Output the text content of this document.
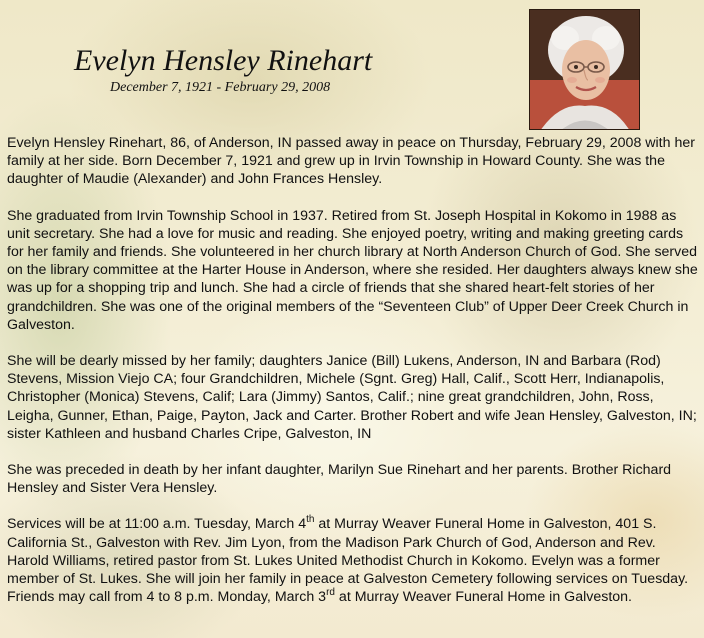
Evelyn Hensley Rinehart
December 7, 1921 - February 29, 2008

Evelyn Hensley Rinehart, 86, of Anderson, IN passed away in peace on Thursday, February 29, 2008 with her family at her side. Born December 7, 1921 and grew up in Irvin Township in Howard County. She was the daughter of Maudie (Alexander) and John Frances Hensley.

She graduated from Irvin Township School in 1937. Retired from St. Joseph Hospital in Kokomo in 1988 as unit secretary. She had a love for music and reading. She enjoyed poetry, writing and making greeting cards for her family and friends. She volunteered in her church library at North Anderson Church of God. She served on the library committee at the Harter House in Anderson, where she resided. Her daughters always knew she was up for a shopping trip and lunch. She had a circle of friends that she shared heart-felt stories of her grandchildren. She was one of the original members of the “Seventeen Club” of Upper Deer Creek Church in Galveston.

She will be dearly missed by her family; daughters Janice (Bill) Lukens, Anderson, IN and Barbara (Rod) Stevens, Mission Viejo CA; four Grandchildren, Michele (Sgnt. Greg) Hall, Calif., Scott Herr, Indianapolis, Christopher (Monica) Stevens, Calif; Lara (Jimmy) Santos, Calif.; nine great grandchildren, John, Ross, Leigha, Gunner, Ethan, Paige, Payton, Jack and Carter. Brother Robert and wife Jean Hensley, Galveston, IN; sister Kathleen and husband Charles Cripe, Galveston, IN

She was preceded in death by her infant daughter, Marilyn Sue Rinehart and her parents. Brother Richard Hensley and Sister Vera Hensley.

Services will be at 11:00 a.m. Tuesday, March 4th at Murray Weaver Funeral Home in Galveston, 401 S. California St., Galveston with Rev. Jim Lyon, from the Madison Park Church of God, Anderson and Rev. Harold Williams, retired pastor from St. Lukes United Methodist Church in Kokomo. Evelyn was a former member of St. Lukes. She will join her family in peace at Galveston Cemetery following services on Tuesday. Friends may call from 4 to 8 p.m. Monday, March 3rd at Murray Weaver Funeral Home in Galveston.
